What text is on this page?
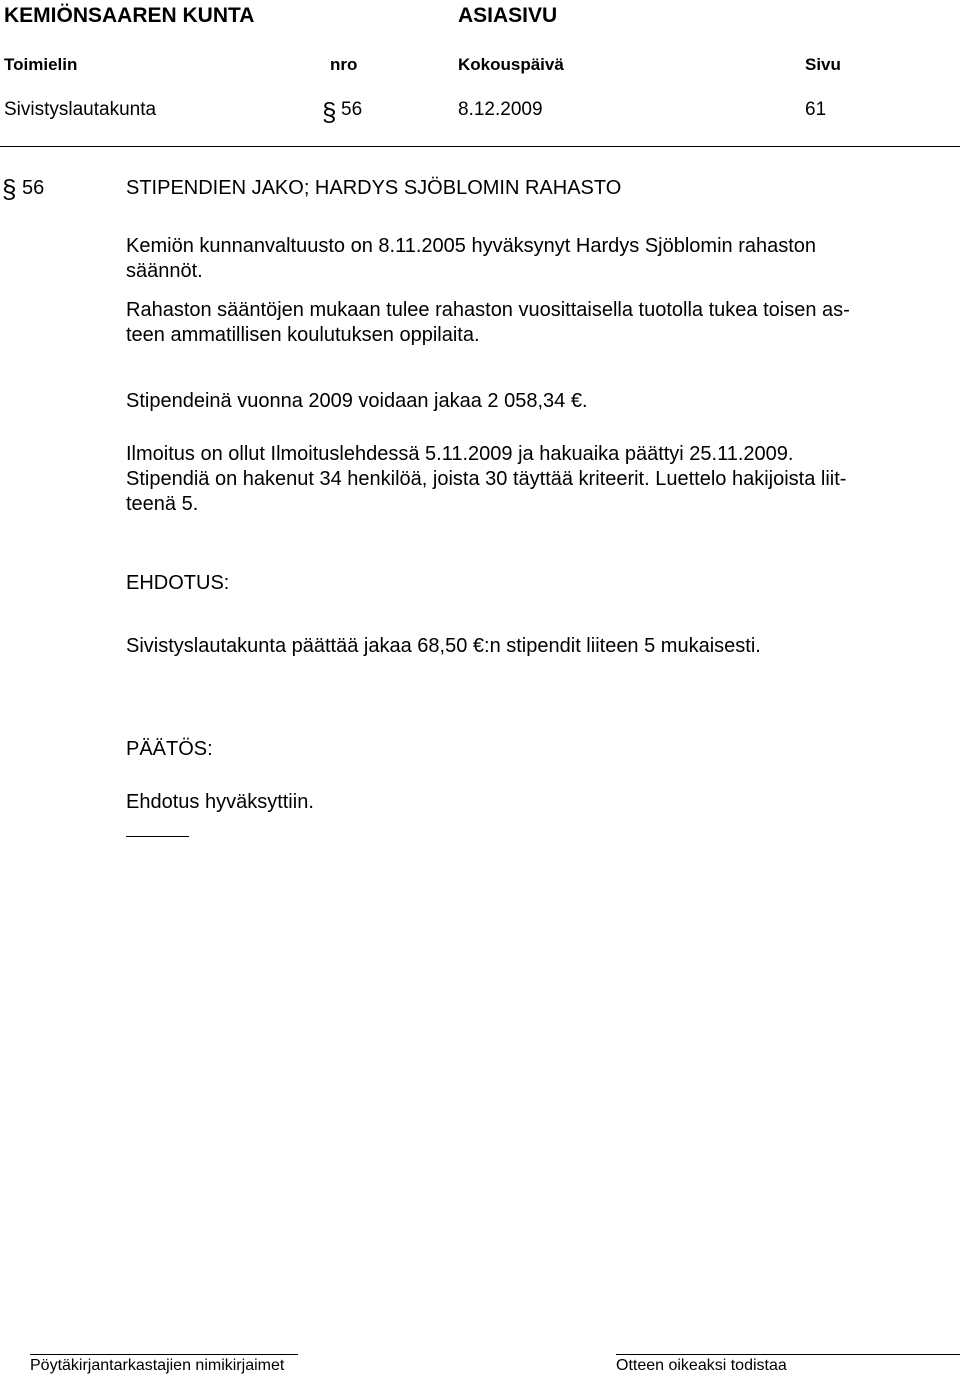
KEMIÖNSAAREN KUNTA	ASIASIVU
Toimielin	nro	Kokouspäivä	Sivu
Sivistyslautakunta	§ 56	8.12.2009	61
§ 56	STIPENDIEN JAKO; HARDYS SJÖBLOMIN RAHASTO
Kemiön kunnanvaltuusto on 8.11.2005 hyväksynyt Hardys Sjöblomin rahaston
säännöt.
Rahaston sääntöjen mukaan tulee rahaston vuosittaisella tuotolla tukea toisen as-
teen ammatillisen koulutuksen oppilaita.
Stipendeinä vuonna 2009 voidaan jakaa 2 058,34 €.
Ilmoitus on ollut Ilmoituslehdessä 5.11.2009 ja hakuaika päättyi 25.11.2009.
Stipendiä on hakenut 34 henkilöä, joista 30 täyttää kriteerit. Luettelo hakijoista liit-
teenä 5.
EHDOTUS:
Sivistyslautakunta päättää jakaa 68,50 €:n stipendit liiteen 5 mukaisesti.
PÄÄTÖS:
Ehdotus hyväksyttiin.
Pöytäkirjantarkastajien nimikirjaimet	Otteen oikeaksi todistaa
